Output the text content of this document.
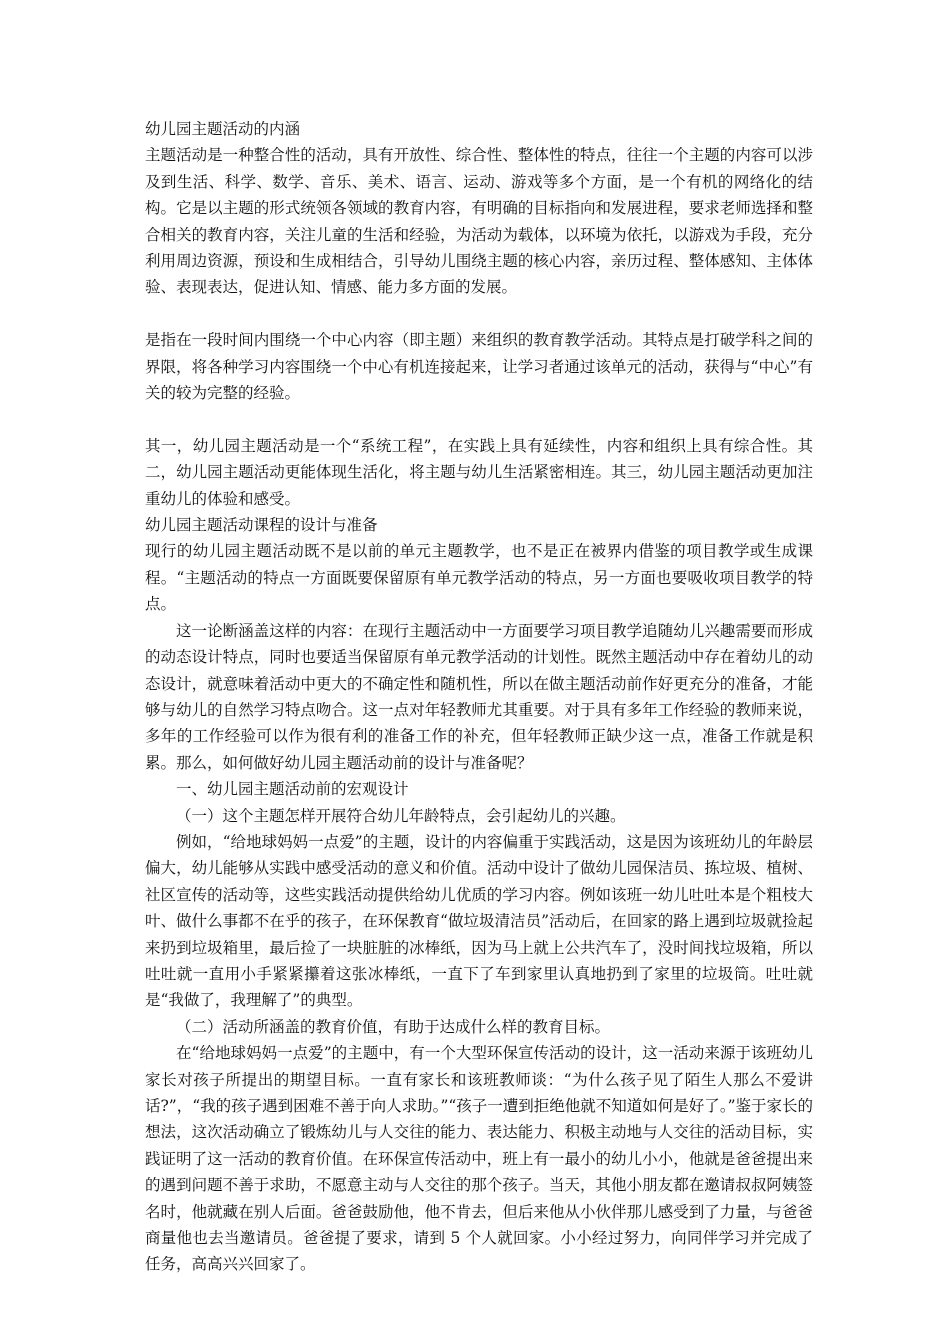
幼儿园主题活动的内涵

主题活动是一种整合性的活动，具有开放性、综合性、整体性的特点，往往一个主题的内容可以涉及到生活、科学、数学、音乐、美术、语言、运动、游戏等多个方面，是一个有机的网络化的结构。它是以主题的形式统领各领域的教育内容，有明确的目标指向和发展进程，要求老师选择和整合相关的教育内容，关注儿童的生活和经验，为活动为载体，以环境为依托，以游戏为手段，充分利用周边资源，预设和生成相结合，引导幼儿围绕主题的核心内容，亲历过程、整体感知、主体体验、表现表达，促进认知、情感、能力多方面的发展。

是指在一段时间内围绕一个中心内容（即主题）来组织的教育教学活动。其特点是打破学科之间的界限，将各种学习内容围绕一个中心有机连接起来，让学习者通过该单元的活动，获得与“中心”有关的较为完整的经验。

其一，幼儿园主题活动是一个“系统工程”，在实践上具有延续性，内容和组织上具有综合性。其二，幼儿园主题活动更能体现生活化，将主题与幼儿生活紧密相连。其三，幼儿园主题活动更加注重幼儿的体验和感受。

幼儿园主题活动课程的设计与准备

现行的幼儿园主题活动既不是以前的单元主题教学，也不是正在被界内借鉴的项目教学或生成课程。“主题活动的特点一方面既要保留原有单元教学活动的特点，另一方面也要吸收项目教学的特点。

这一论断涵盖这样的内容：在现行主题活动中一方面要学习项目教学追随幼儿兴趣需要而形成的动态设计特点，同时也要适当保留原有单元教学活动的计划性。既然主题活动中存在着幼儿的动态设计，就意味着活动中更大的不确定性和随机性，所以在做主题活动前作好更充分的准备，才能够与幼儿的自然学习特点吻合。这一点对年轻教师尤其重要。对于具有多年工作经验的教师来说，多年的工作经验可以作为很有利的准备工作的补充，但年轻教师正缺少这一点，准备工作就是积累。那么，如何做好幼儿园主题活动前的设计与准备呢？

一、幼儿园主题活动前的宏观设计

（一）这个主题怎样开展符合幼儿年龄特点，会引起幼儿的兴趣。

例如，“给地球妈妈一点爱”的主题，设计的内容偏重于实践活动，这是因为该班幼儿的年龄层偏大，幼儿能够从实践中感受活动的意义和价值。活动中设计了做幼儿园保洁员、拣垃圾、植树、社区宣传的活动等，这些实践活动提供给幼儿优质的学习内容。例如该班一幼儿吐吐本是个粗枝大叶、做什么事都不在乎的孩子，在环保教育“做垃圾清洁员”活动后，在回家的路上遇到垃圾就捡起来扔到垃圾箱里，最后捡了一块脏脏的冰棒纸，因为马上就上公共汽车了，没时间找垃圾箱，所以吐吐就一直用小手紧紧攥着这张冰棒纸，一直下了车到家里认真地扔到了家里的垃圾筒。吐吐就是“我做了，我理解了”的典型。

（二）活动所涵盖的教育价值，有助于达成什么样的教育目标。

在“给地球妈妈一点爱”的主题中，有一个大型环保宣传活动的设计，这一活动来源于该班幼儿家长对孩子所提出的期望目标。一直有家长和该班教师谈：“为什么孩子见了陌生人那么不爱讲话?”，“我的孩子遇到困难不善于向人求助。”“孩子一遭到拒绝他就不知道如何是好了。”鉴于家长的想法，这次活动确立了锻炼幼儿与人交往的能力、表达能力、积极主动地与人交往的活动目标，实践证明了这一活动的教育价值。在环保宣传活动中，班上有一最小的幼儿小小，他就是爸爸提出来的遇到问题不善于求助，不愿意主动与人交往的那个孩子。当天，其他小朋友都在邀请叔叔阿姨签名时，他就藏在别人后面。爸爸鼓励他，他不肯去，但后来他从小伙伴那儿感受到了力量，与爸爸商量他也去当邀请员。爸爸提了要求，请到 5 个人就回家。小小经过努力，向同伴学习并完成了任务，高高兴兴回家了。
